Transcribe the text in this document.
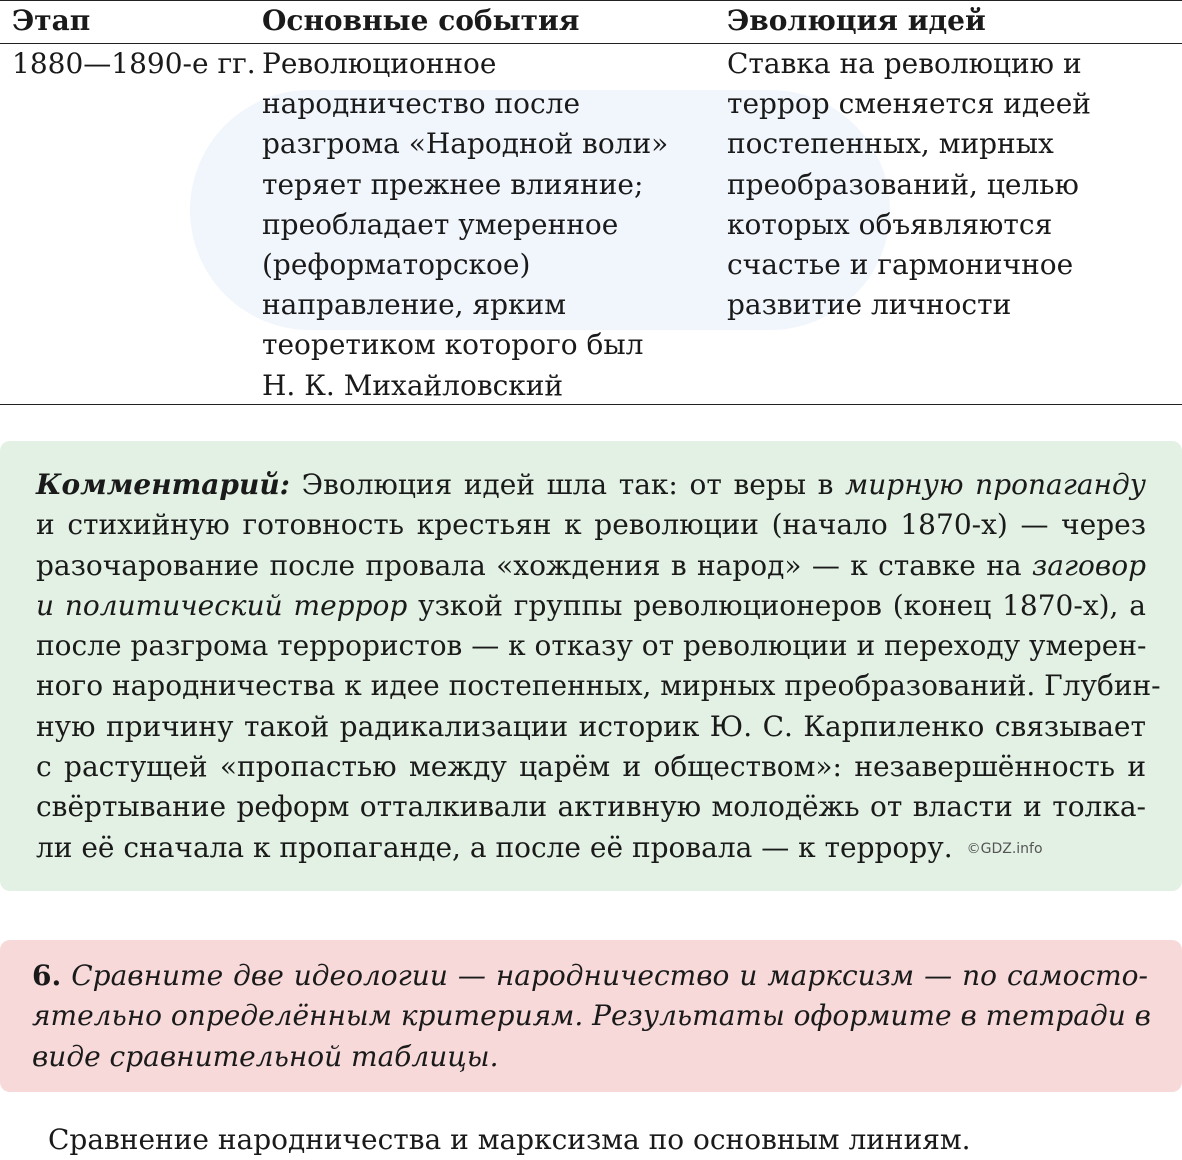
Этап	Основные события	Эволюция идей
1880—1890-е гг. Революционное
народничество после
разгрома «Народной воли»
теряет прежнее влияние;
преобладает умеренное
(реформаторское)
направление, ярким
теоретиком которого был
Н. К. Михайловский
Ставка на революцию и
террор сменяется идеей
постепенных, мирных
преобразований, целью
которых объявляются
счастье и гармоничное
развитие личности
Комментарий: Эволюция идей шла так: от веры в мирную пропаганду
и стихийную готовность крестьян к революции (начало 1870-х) — через
разочарование после провала «хождения в народ» — к ставке на заговор
и политический террор узкой группы революционеров (конец 1870-х), а
после разгрома террористов — к отказу от революции и переходу умерен-
ного народничества к идее постепенных, мирных преобразований. Глубин-
ную причину такой радикализации историк Ю. С. Карпиленко связывает
с растущей «пропастью между царём и обществом»: незавершённость и
свёртывание реформ отталкивали активную молодёжь от власти и толка-
ли её сначала к пропаганде, а после её провала — к террору. ©GDZ.info
6. Сравните две идеологии — народничество и марксизм — по самосто-
ятельно определённым критериям. Результаты оформите в тетради в
виде сравнительной таблицы.
Сравнение народничества и марксизма по основным линиям.
